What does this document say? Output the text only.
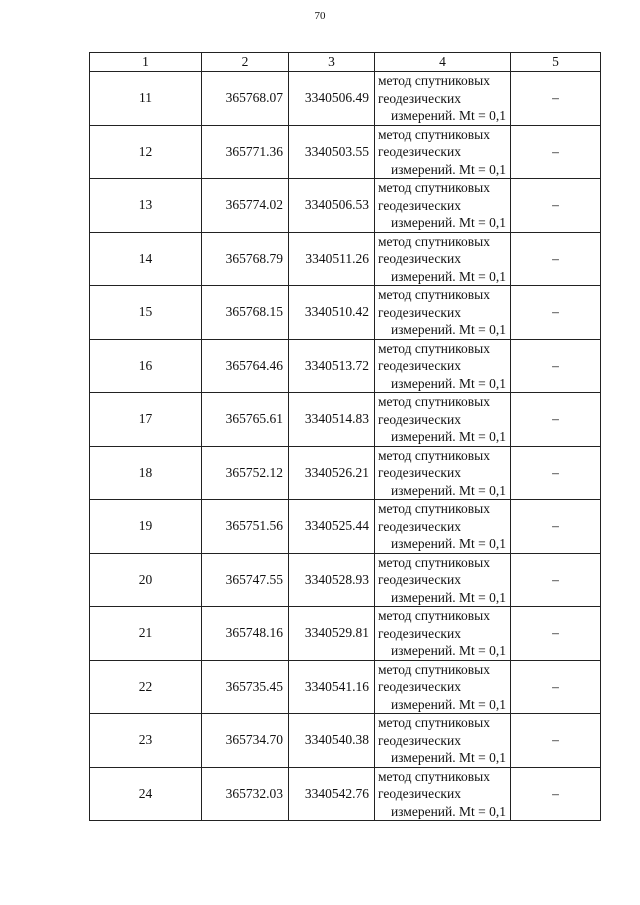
70
1	2	3	4	5
11	365768.07	3340506.49	метод спутниковых
геодезических
измерений. Mt = 0,1	–
12	365771.36	3340503.55	метод спутниковых
геодезических
измерений. Mt = 0,1	–
13	365774.02	3340506.53	метод спутниковых
геодезических
измерений. Mt = 0,1	–
14	365768.79	3340511.26	метод спутниковых
геодезических
измерений. Mt = 0,1	–
15	365768.15	3340510.42	метод спутниковых
геодезических
измерений. Mt = 0,1	–
16	365764.46	3340513.72	метод спутниковых
геодезических
измерений. Mt = 0,1	–
17	365765.61	3340514.83	метод спутниковых
геодезических
измерений. Mt = 0,1	–
18	365752.12	3340526.21	метод спутниковых
геодезических
измерений. Mt = 0,1	–
19	365751.56	3340525.44	метод спутниковых
геодезических
измерений. Mt = 0,1	–
20	365747.55	3340528.93	метод спутниковых
геодезических
измерений. Mt = 0,1	–
21	365748.16	3340529.81	метод спутниковых
геодезических
измерений. Mt = 0,1	–
22	365735.45	3340541.16	метод спутниковых
геодезических
измерений. Mt = 0,1	–
23	365734.70	3340540.38	метод спутниковых
геодезических
измерений. Mt = 0,1	–
24	365732.03	3340542.76	метод спутниковых
геодезических
измерений. Mt = 0,1	–
